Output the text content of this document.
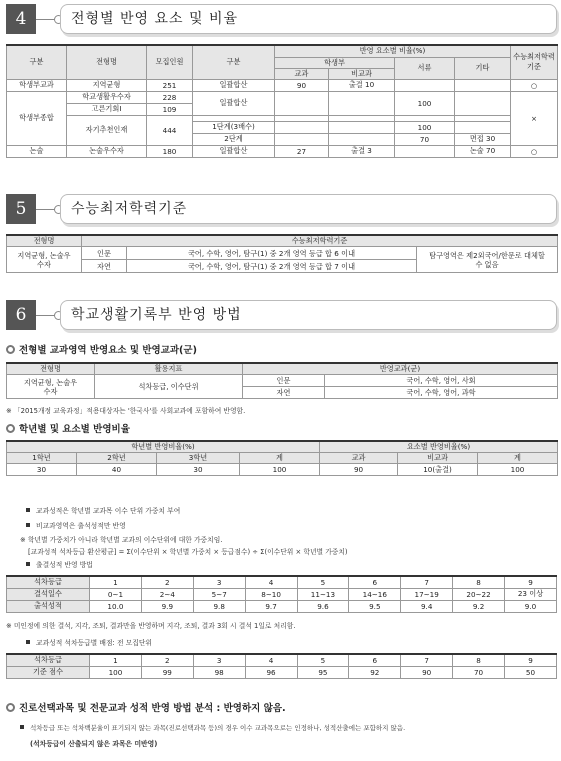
4	전형별 반영 요소 및 비율
구분	전형명	모집인원	구분	반영 요소별 비율(%)				수능최저학력기준
				학생부		서류	기타	
				교과	비교과			
학생부교과	지역균형	251	일괄합산	90	출결 10			○
학생부종합	학교생활우수자	228	일괄합산			100		×
	고른기회Ⅰ	109						
	자기추천인재	444						
			1단계(3배수)			100		
			2단계			70	면접 30	
논술	논술우수자	180	일괄합산	27	출결 3		논술 70	○
5	수능최저학력기준
전형명	수능최저학력기준		
지역균형, 논술우수자	인문	국어, 수학, 영어, 탐구(1) 중 2개 영역 등급 합 6 이내	탐구영역은 제2외국어/한문로 대체할 수 없음
	자연	국어, 수학, 영어, 탐구(1) 중 2개 영역 등급 합 7 이내	
6	학교생활기록부 반영 방법
전형별 교과영역 반영요소 및 반영교과(군)
전형명	활용지표	반영교과(군)	
지역균형, 논술우수자	석차등급, 이수단위	인문	국어, 수학, 영어, 사회
		자연	국어, 수학, 영어, 과학
※ 「2015개정 교육과정」적용대상자는 '한국사'를 사회교과에 포함하여 반영함.
학년별 및 요소별 반영비율
학년별 반영비율(%)				요소별 반영비율(%)		
1학년	2학년	3학년	계	교과	비교과	계
30	40	30	100	90	10(출결)	100
교과성적은 학년별 교과목 이수 단위 가중치 부여
비교과영역은 출석성적만 반영
※ 학년별 가중치가 아니라 학년별 교과의 이수단위에 대한 가중치임.
[교과성적 석차등급 환산평균] = Σ(이수단위 × 학년별 가중치 × 등급점수) ÷ Σ(이수단위 × 학년별 가중치)
출결성적 반영 방법
석차등급	1	2	3	4	5	6	7	8	9
결석일수	0~1	2~4	5~7	8~10	11~13	14~16	17~19	20~22	23 이상
출석성적	10.0	9.9	9.8	9.7	9.6	9.5	9.4	9.2	9.0
※ 미인정에 의한 결석, 지각, 조퇴, 결과만을 반영하며 지각, 조퇴, 결과 3회 시 결석 1일로 처리함.
교과성적 석차등급별 배점: 전 모집단위
석차등급	1	2	3	4	5	6	7	8	9
기준 점수	100	99	98	96	95	92	90	70	50
진로선택과목 및 전문교과 성적 반영 방법 분석 : 반영하지 않음.
석차등급 또는 석차백분율이 표기되지 않는 과목(진로선택과목 등)의 경우 이수 교과목으로는 인정하나, 성적산출에는 포함하지 않음.
(석차등급이 산출되지 않은 과목은 미반영)
